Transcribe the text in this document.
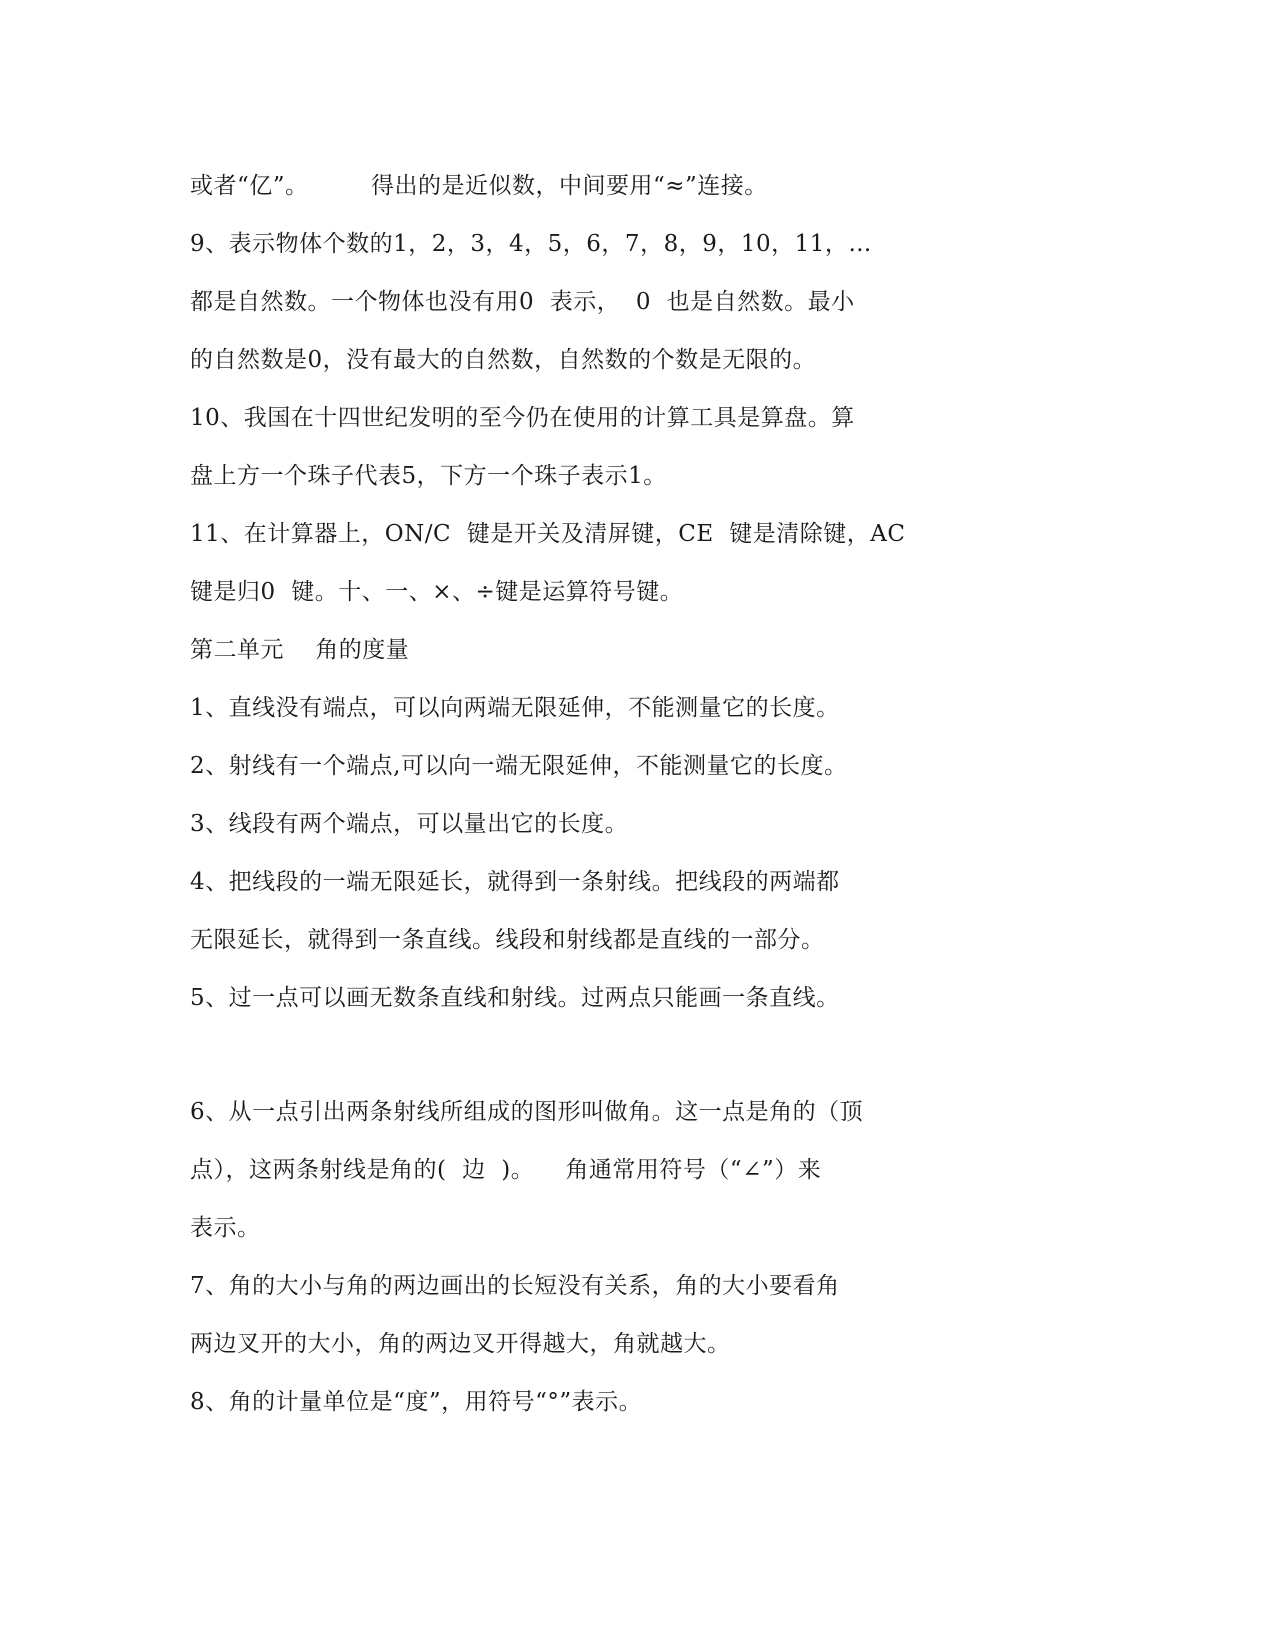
或者“亿”。        得出的是近似数，中间要用“≈”连接。
9、表示物体个数的1，2，3，4，5，6，7，8，9，10，11，…
都是自然数。一个物体也没有用0  表示，  0  也是自然数。最小
的自然数是0，没有最大的自然数，自然数的个数是无限的。
10、我国在十四世纪发明的至今仍在使用的计算工具是算盘。算
盘上方一个珠子代表5，下方一个珠子表示1。
11、在计算器上，ON/C  键是开关及清屏键，CE  键是清除键，AC
键是归0  键。十、一、×、÷键是运算符号键。
第二单元    角的度量
1、直线没有端点，可以向两端无限延伸，不能测量它的长度。
2、射线有一个端点,可以向一端无限延伸，不能测量它的长度。
3、线段有两个端点，可以量出它的长度。
4、把线段的一端无限延长，就得到一条射线。把线段的两端都
无限延长，就得到一条直线。线段和射线都是直线的一部分。
5、过一点可以画无数条直线和射线。过两点只能画一条直线。
6、从一点引出两条射线所组成的图形叫做角。这一点是角的（顶
点），这两条射线是角的(  边  )。    角通常用符号（“∠”）来
表示。
7、角的大小与角的两边画出的长短没有关系，角的大小要看角
两边叉开的大小，角的两边叉开得越大，角就越大。
8、角的计量单位是“度”，用符号“°”表示。
